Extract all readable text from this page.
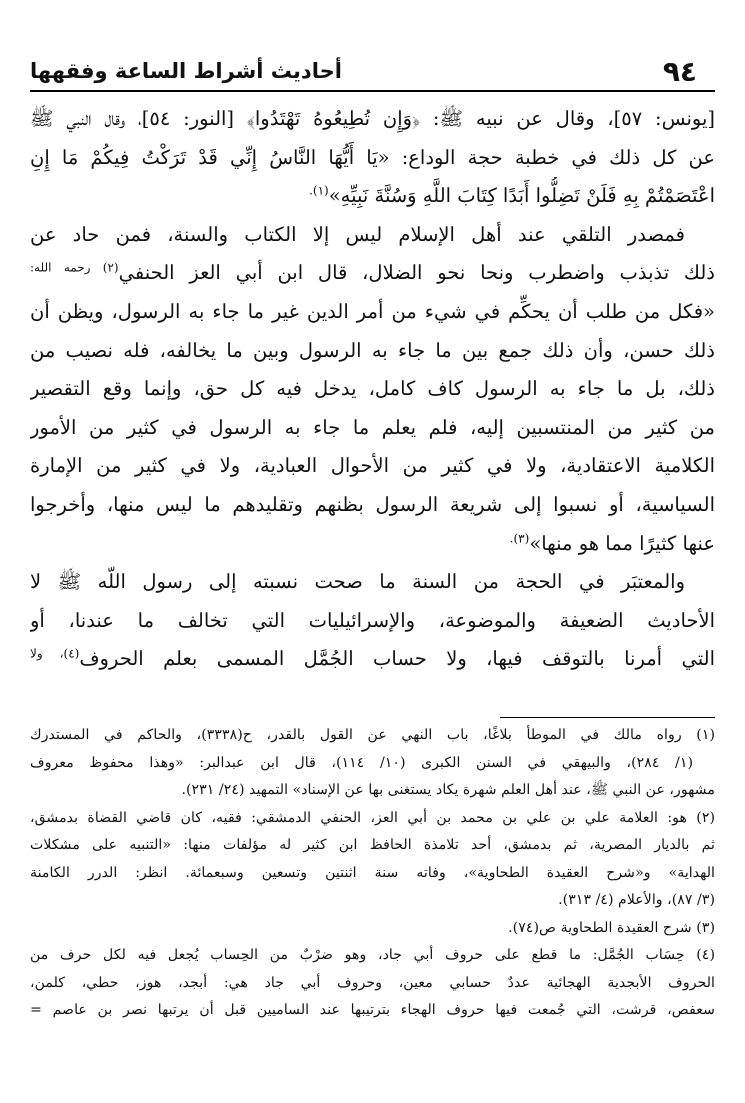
٩٤
أحاديث أشراط الساعة وفقهها

[يونس: ٥٧]، وقال عن نبيه ﷺ: ﴿وَإِن تُطِيعُوهُ تَهْتَدُوا﴾ [النور: ٥٤]، وقال النبي ﷺ
عن كل ذلك في خطبة حجة الوداع: «يَا أَيُّهَا النَّاسُ إِنِّي قَدْ تَرَكْتُ فِيكُمْ مَا إِنِ
اعْتَصَمْتُمْ بِهِ فَلَنْ تَضِلُّوا أَبَدًا كِتَابَ اللَّهِ وَسُنَّةَ نَبِيِّهِ»$^{(١).}$

فمصدر التلقي عند أهل الإسلام ليس إلا الكتاب والسنة، فمن حاد عن
ذلك تذبذب واضطرب ونحا نحو الضلال، قال ابن أبي العز الحنفي$^{(٢) رحمه الله:}$
«فكل من طلب أن يحكِّم في شيء من أمر الدين غير ما جاء به الرسول، ويظن أن
ذلك حسن، وأن ذلك جمع بين ما جاء به الرسول وبين ما يخالفه، فله نصيب من
ذلك، بل ما جاء به الرسول كاف كامل، يدخل فيه كل حق، وإنما وقع التقصير
من كثير من المنتسبين إليه، فلم يعلم ما جاء به الرسول في كثير من الأمور
الكلامية الاعتقادية، ولا في كثير من الأحوال العبادية، ولا في كثير من الإمارة
السياسية، أو نسبوا إلى شريعة الرسول بظنهم وتقليدهم ما ليس منها، وأخرجوا
عنها كثيرًا مما هو منها»$^{(٣).}$

والمعتبَر في الحجة من السنة ما صحت نسبته إلى رسول اللّه ﷺ لا
الأحاديث الضعيفة والموضوعة، والإسرائيليات التي تخالف ما عندنا، أو
التي أمرنا بالتوقف فيها، ولا حساب الجُمَّل المسمى بعلم الحروف$^{(٤)، ولا}$

(١) رواه مالك في الموطأ بلاغًا، باب النهي عن القول بالقدر، ح(٣٣٣٨)، والحاكم في المستدرك
(١/ ٢٨٤)، والبيهقي في السنن الكبرى (١٠/ ١١٤)، قال ابن عبدالبر: «وهذا محفوظ معروف
مشهور، عن النبي ﷺ، عند أهل العلم شهرة يكاد يستغنى بها عن الإسناد» التمهيد (٢٤/ ٢٣١).
(٢) هو: العلامة علي بن علي بن محمد بن أبي العز، الحنفي الدمشقي: فقيه، كان قاضي القضاة بدمشق،
ثم بالديار المصرية، ثم بدمشق، أحد تلامذة الحافظ ابن كثير له مؤلفات منها: «التنبيه على مشكلات
الهداية» و«شرح العقيدة الطحاوية»، وفاته سنة اثنتين وتسعين وسبعمائة. انظر: الدرر الكامنة
(٣/ ٨٧)، والأعلام (٤/ ٣١٣).
(٣) شرح العقيدة الطحاوية ص(٧٤).
(٤) حِسَاب الجُمَّل: ما قطع على حروف أبي جاد، وهو ضرْبٌ من الحِساب يُجعل فيه لكل حرف من
الحروف الأبجدية الهجائية عددٌ حسابي معين، وحروف أبي جاد هي: أبجد، هوز، حطي، كلمن،
سعفص، قرشت، التي جُمعت فيها حروف الهجاء بترتيبها عند الساميين قبل أن يرتبها نصر بن عاصم =
